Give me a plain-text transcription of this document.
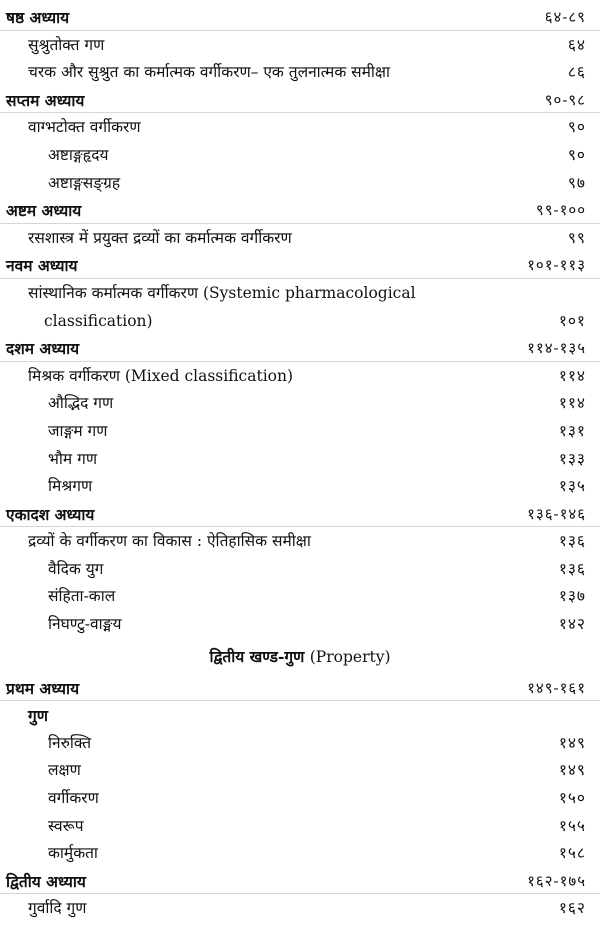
षष्ठ अध्याय	६४-८९
सुश्रुतोक्त गण	६४
चरक और सुश्रुत का कर्मात्मक वर्गीकरण– एक तुलनात्मक समीक्षा	८६
सप्तम अध्याय	९०-९८
वाग्भटोक्त वर्गीकरण	९०
अष्टाङ्गहृदय	९०
अष्टाङ्गसङ्ग्रह	९७
अष्टम अध्याय	९९-१००
रसशास्त्र में प्रयुक्त द्रव्यों का कर्मात्मक वर्गीकरण	९९
नवम अध्याय	१०१-११३
सांस्थानिक कर्मात्मक वर्गीकरण (Systemic pharmacological
classification)	१०१
दशम अध्याय	११४-१३५
मिश्रक वर्गीकरण (Mixed classification)	११४
औद्भिद गण	११४
जाङ्गम गण	१३१
भौम गण	१३३
मिश्रगण	१३५
एकादश अध्याय	१३६-१४६
द्रव्यों के वर्गीकरण का विकास : ऐतिहासिक समीक्षा	१३६
वैदिक युग	१३६
संहिता-काल	१३७
निघण्टु-वाङ्मय	१४२
द्वितीय खण्ड-गुण (Property)
प्रथम अध्याय	१४९-१६१
गुण
निरुक्ति	१४९
लक्षण	१४९
वर्गीकरण	१५०
स्वरूप	१५५
कार्मुकता	१५८
द्वितीय अध्याय	१६२-१७५
गुर्वादि गुण	१६२
